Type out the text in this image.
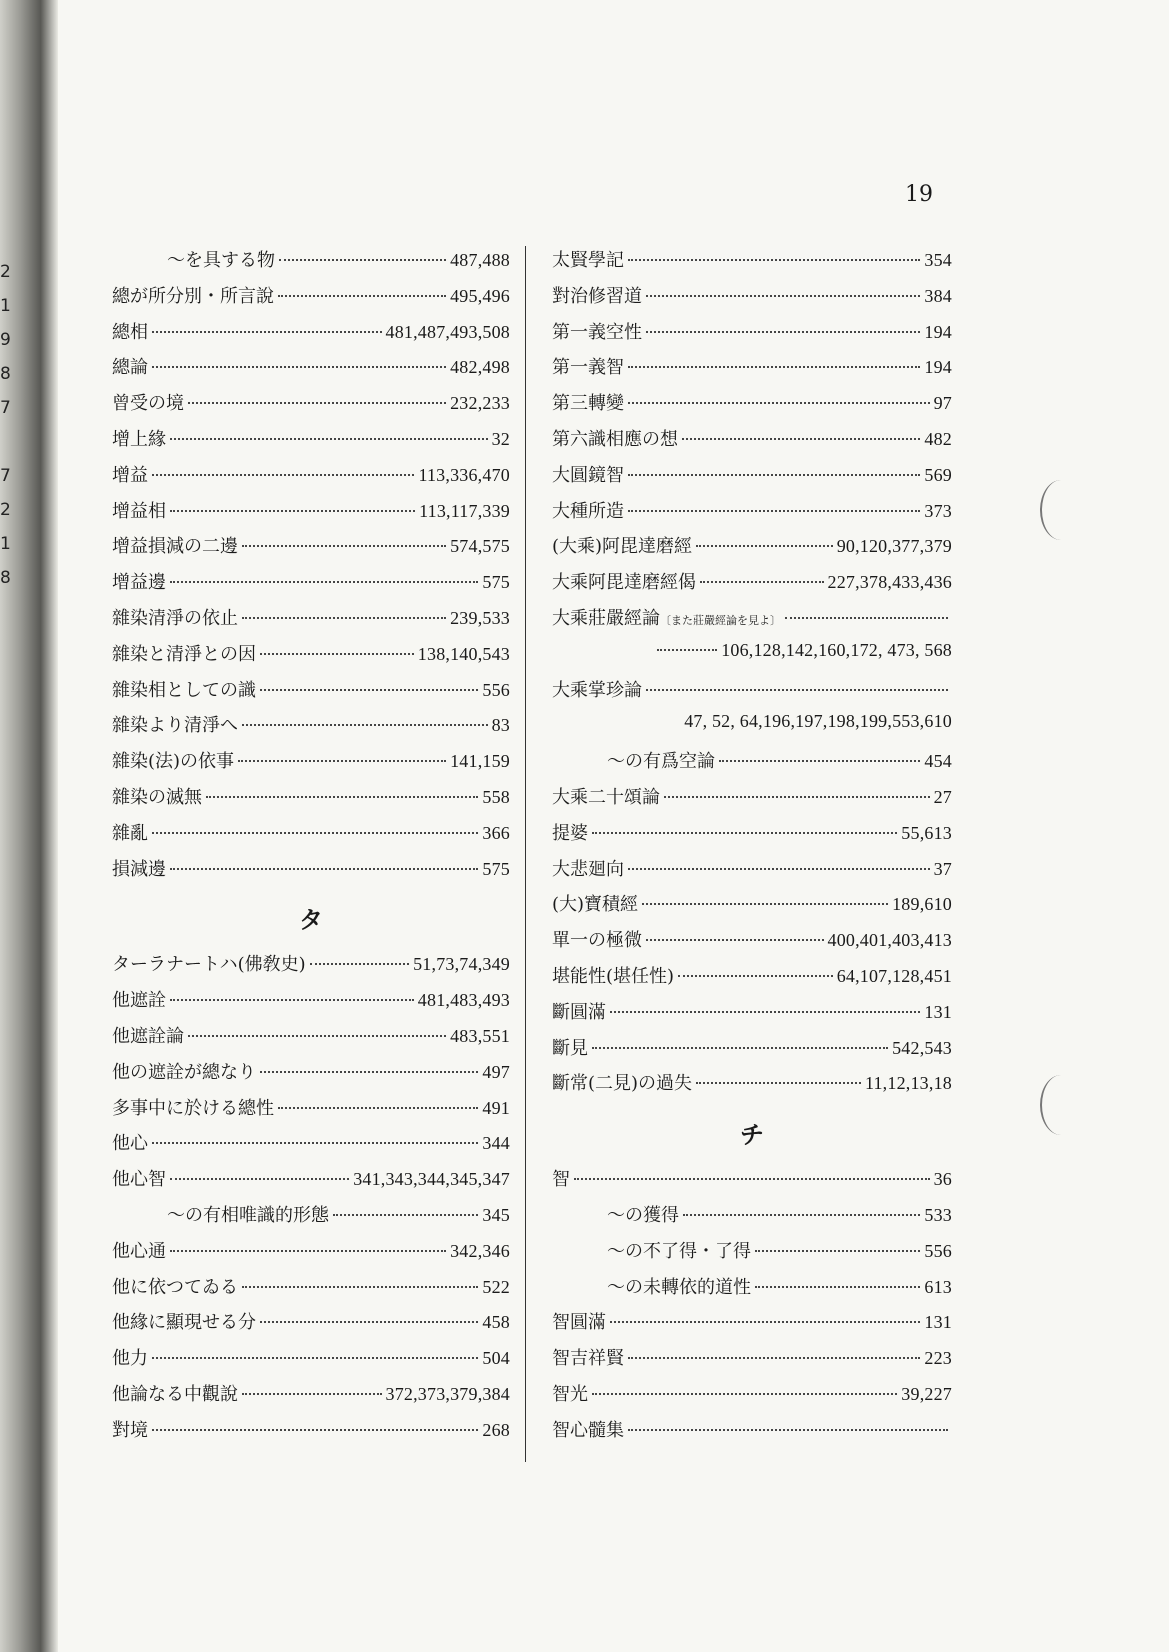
2
1
9
8
7
7
2
1
8
19
〜を具する物	487,488
總が所分別・所言說	495,496
總相	481,487,493,508
總論	482,498
曾受の境	232,233
增上緣	32
增益	113,336,470
增益相	113,117,339
增益損減の二邊	574,575
增益邊	575
雜染清淨の依止	239,533
雜染と清淨との因	138,140,543
雜染相としての識	556
雜染より清淨へ	83
雜染(法)の依事	141,159
雜染の滅無	558
雜亂	366
損減邊	575
タ
ターラナートハ(佛敎史)	51,73,74,349
他遮詮	481,483,493
他遮詮論	483,551
他の遮詮が總なり	497
多事中に於ける總性	491
他心	344
他心智	341,343,344,345,347
〜の有相唯識的形態	345
他心通	342,346
他に依つてゐる	522
他緣に顯現せる分	458
他力	504
他論なる中觀說	372,373,379,384
對境	268
太賢學記	354
對治修習道	384
第一義空性	194
第一義智	194
第三轉變	97
第六識相應の想	482
大圓鏡智	569
大種所造	373
(大乘)阿毘達磨經	90,120,377,379
大乘阿毘達磨經偈	227,378,433,436
大乘莊嚴經論 〔また莊嚴經論を見よ〕
106,128,142,160,172, 473, 568
大乘掌珍論
47, 52, 64,196,197,198,199,553,610
〜の有爲空論	454
大乘二十頌論	27
提婆	55,613
大悲廻向	37
(大)寶積經	189,610
單一の極微	400,401,403,413
堪能性(堪任性)	64,107,128,451
斷圓滿	131
斷見	542,543
斷常(二見)の過失	11,12,13,18
チ
智	36
〜の獲得	533
〜の不了得・了得	556
〜の未轉依的道性	613
智圓滿	131
智吉祥賢	223
智光	39,227
智心髓集
